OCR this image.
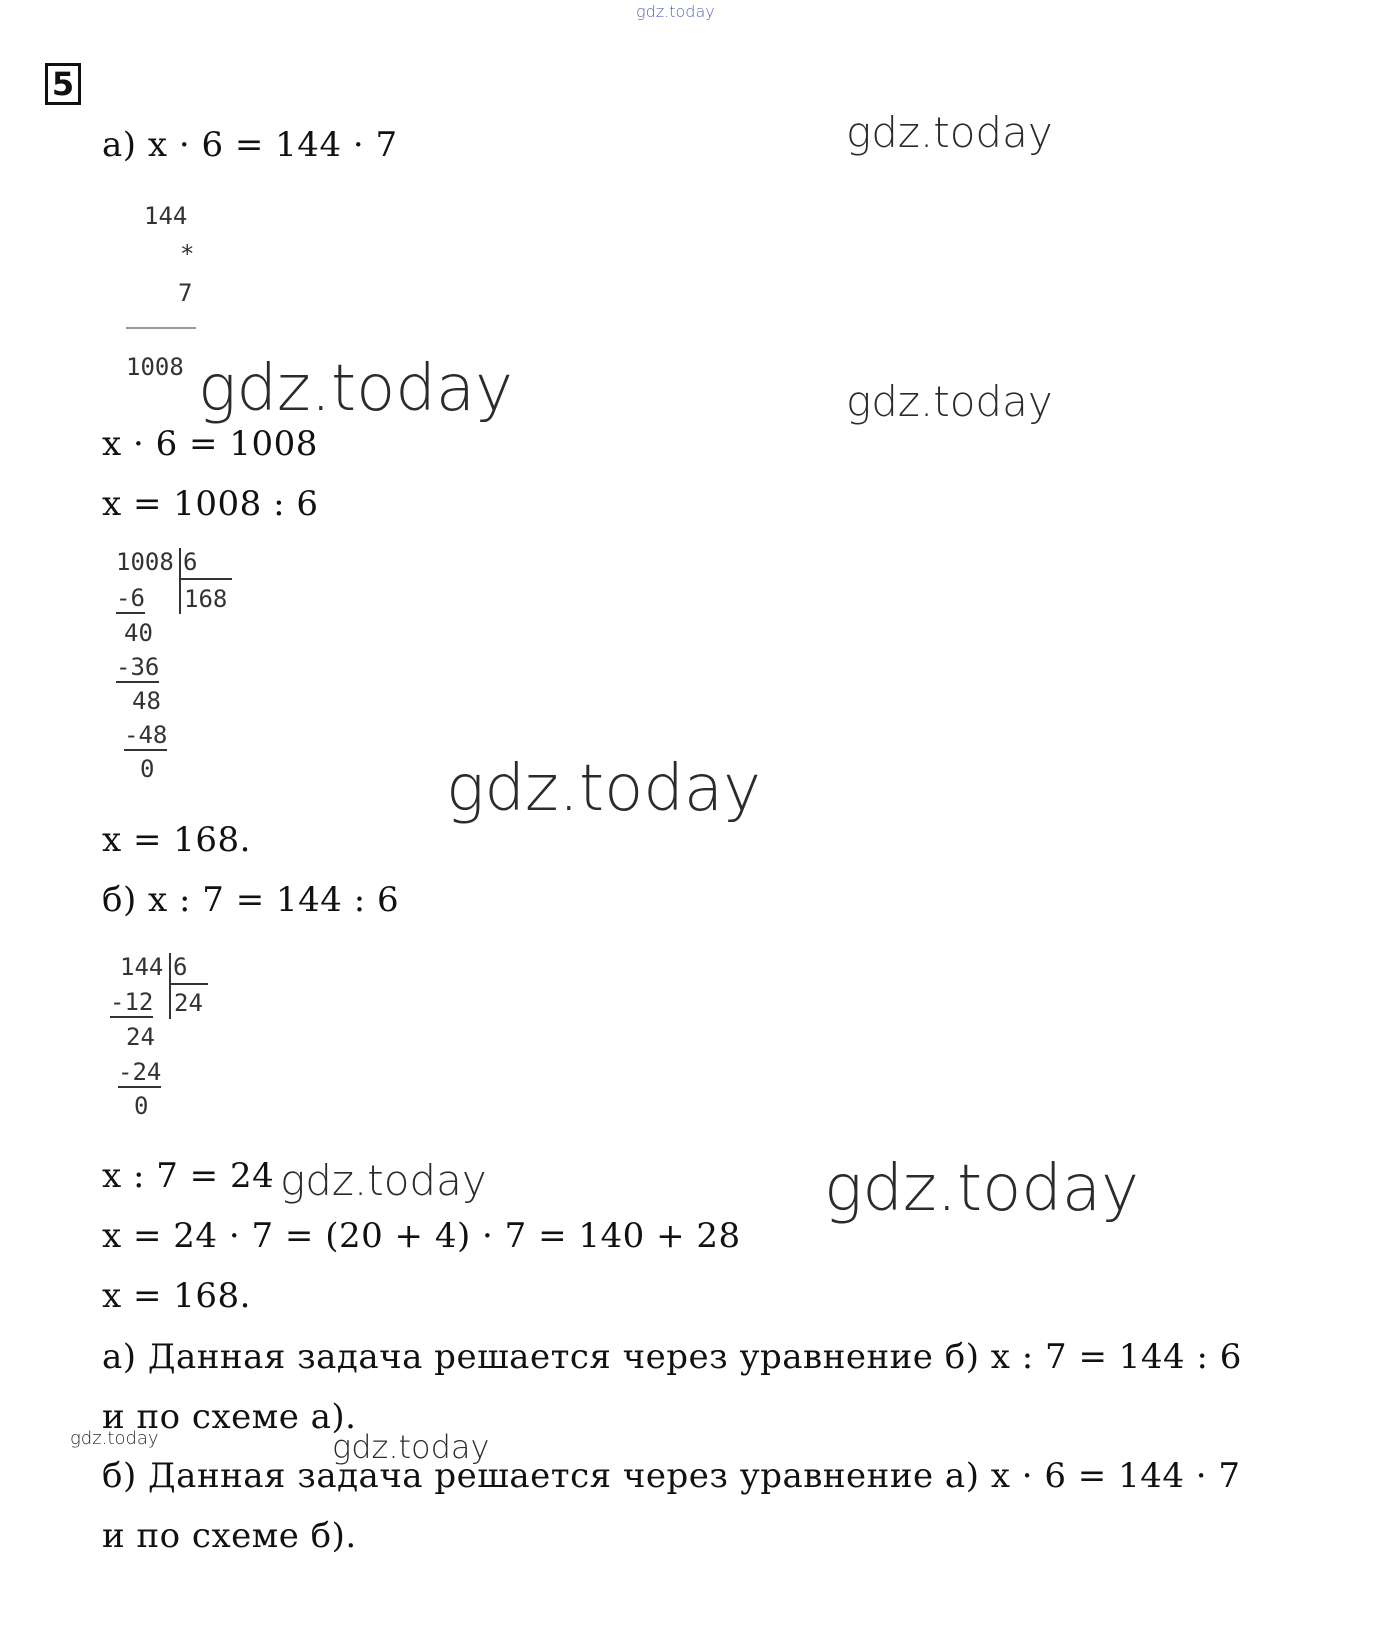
gdz.today
5
а) x · 6 = 144 · 7	gdz.today
144
*
7
1008 gdz.today	gdz.today
x · 6 = 1008
x = 1008 : 6
1008 6
168
-6
40
-36
48
-48
0	gdz.today
x = 168.
б) x : 7 = 144 : 6
144 6
24
-12
24
-24
0
x : 7 = 24 gdz.today	gdz.today
x = 24 · 7 = (20 + 4) · 7 = 140 + 28
x = 168.
а) Данная задача решается через уравнение б) x : 7 = 144 : 6
и по схеме а).
gdz.today	gdz.today
б) Данная задача решается через уравнение а) x · 6 = 144 · 7
и по схеме б).
